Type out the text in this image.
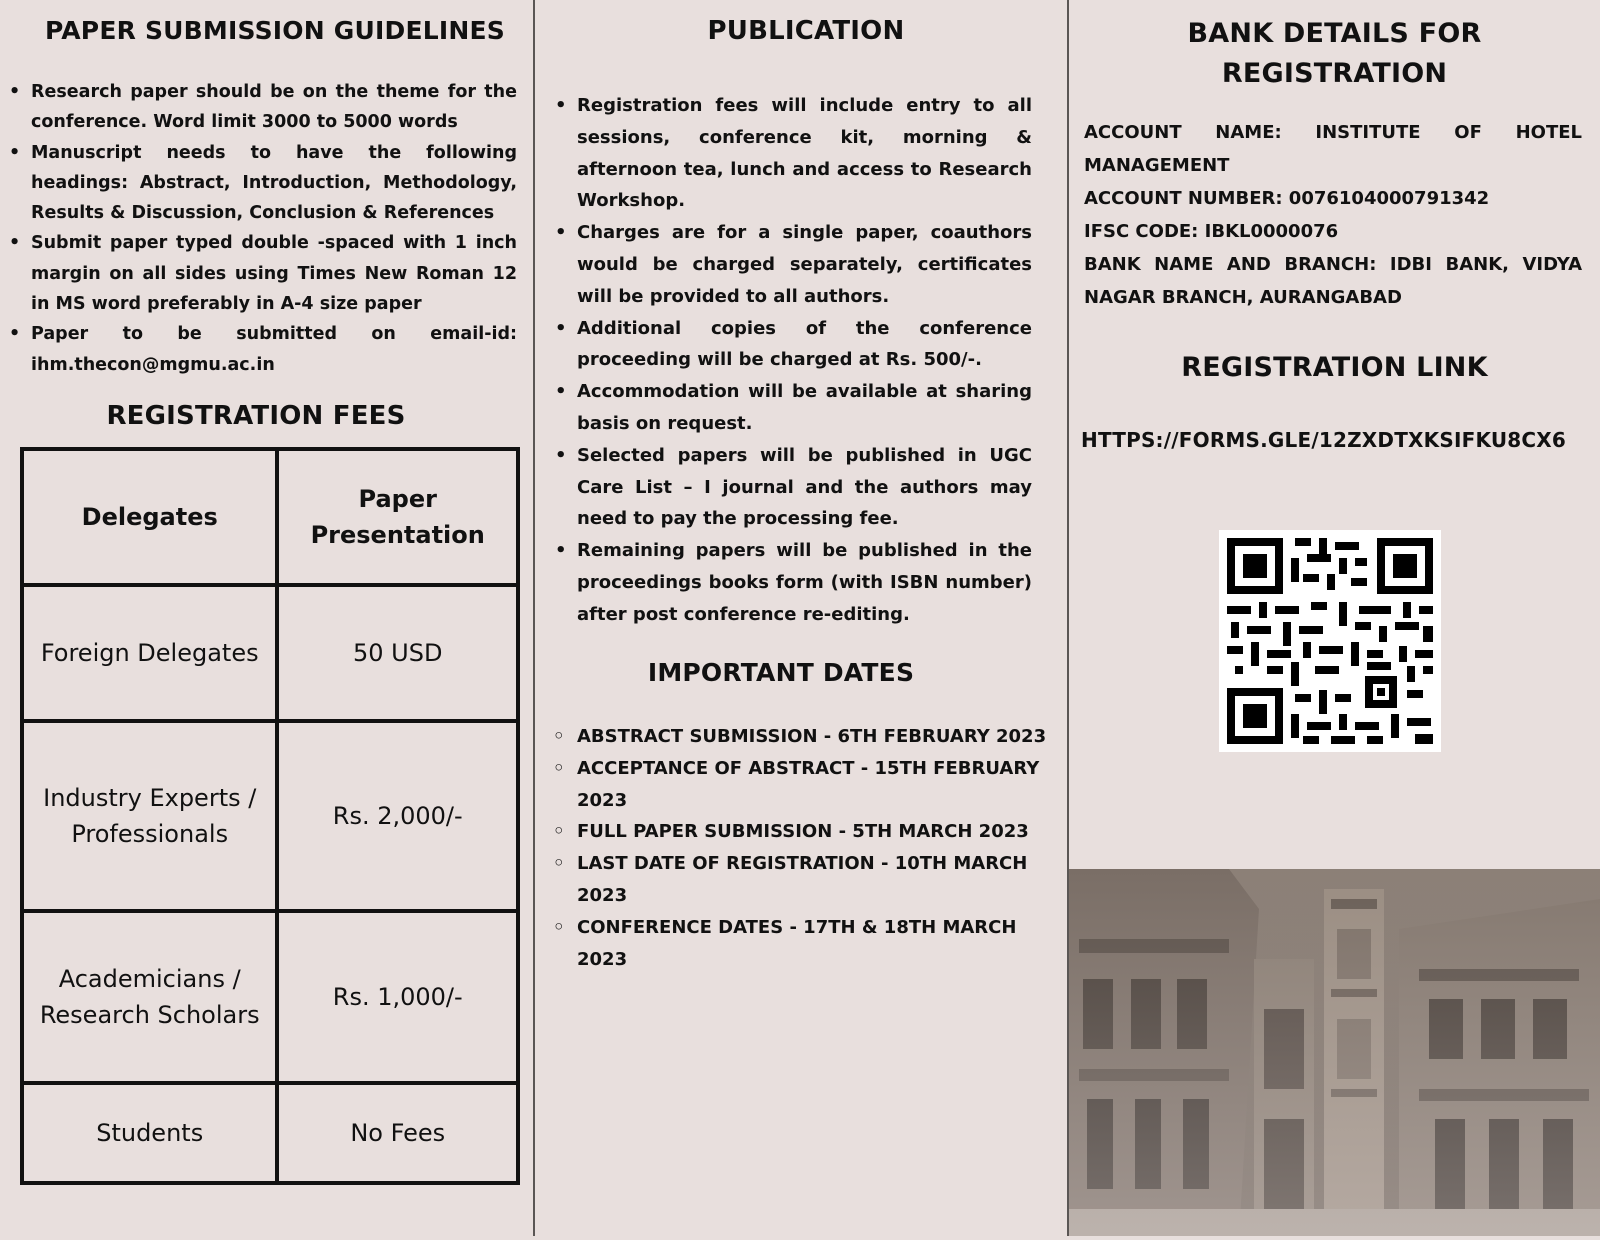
PAPER SUBMISSION GUIDELINES
• Research paper should be on the theme for the conference. Word limit 3000 to 5000 words
• Manuscript needs to have the following headings: Abstract, Introduction, Methodology, Results & Discussion, Conclusion & References
• Submit paper typed double -spaced with 1 inch margin on all sides using Times New Roman 12 in MS word preferably in A-4 size paper
• Paper to be submitted on email-id: ihm.thecon@mgmu.ac.in
REGISTRATION FEES
Delegates	Paper Presentation
Foreign Delegates	50 USD
Industry Experts / Professionals	Rs. 2,000/-
Academicians / Research Scholars	Rs. 1,000/-
Students	No Fees
PUBLICATION
• Registration fees will include entry to all sessions, conference kit, morning & afternoon tea, lunch and access to Research Workshop.
• Charges are for a single paper, coauthors would be charged separately, certificates will be provided to all authors.
• Additional copies of the conference proceeding will be charged at Rs. 500/-.
• Accommodation will be available at sharing basis on request.
• Selected papers will be published in UGC Care List – I journal and the authors may need to pay the processing fee.
• Remaining papers will be published in the proceedings books form (with ISBN number) after post conference re-editing.
IMPORTANT DATES
◦ ABSTRACT SUBMISSION - 6TH FEBRUARY 2023
◦ ACCEPTANCE OF ABSTRACT - 15TH FEBRUARY 2023
◦ FULL PAPER SUBMISSION - 5TH MARCH 2023
◦ LAST DATE OF REGISTRATION - 10TH MARCH 2023
◦ CONFERENCE DATES - 17TH & 18TH MARCH 2023
BANK DETAILS FOR
REGISTRATION

ACCOUNT NAME: INSTITUTE OF HOTEL MANAGEMENT

ACCOUNT NUMBER: 0076104000791342

IFSC CODE: IBKL0000076

BANK NAME AND BRANCH: IDBI BANK, VIDYA NAGAR BRANCH, AURANGABAD

REGISTRATION LINK
HTTPS://FORMS.GLE/12ZXDTXKSIFKU8CX6
